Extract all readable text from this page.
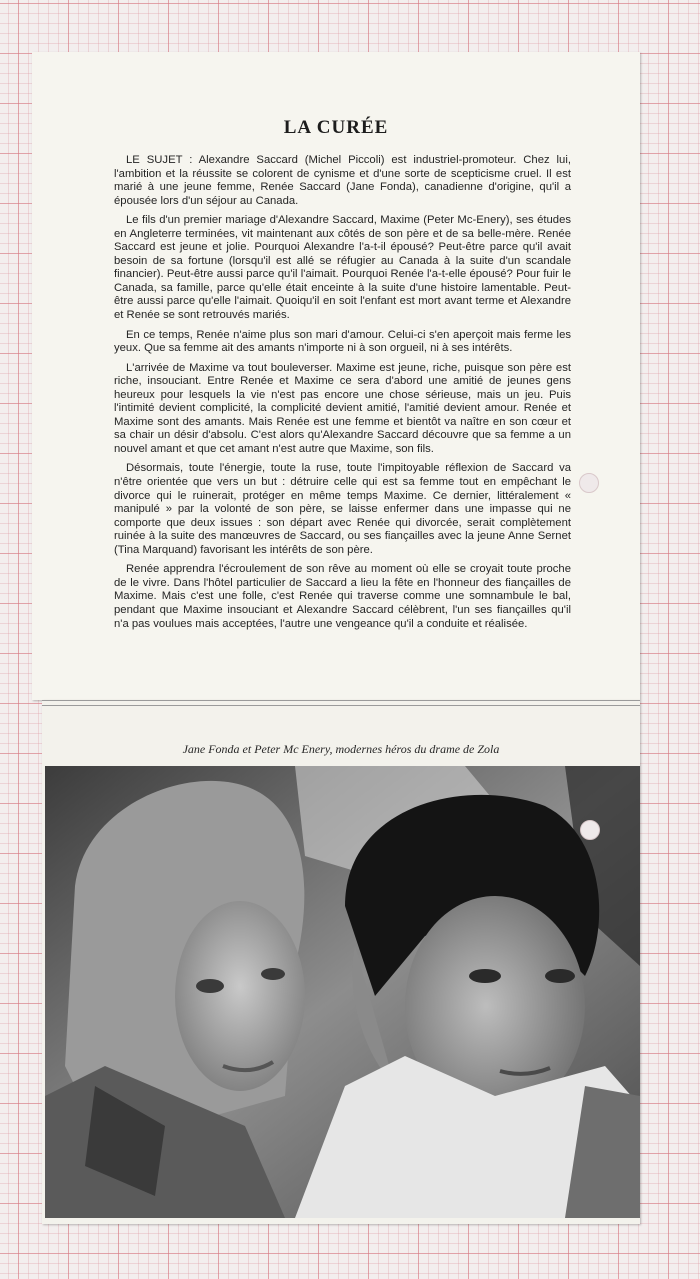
LA CURÉE

LE SUJET : Alexandre Saccard (Michel Piccoli) est industriel-promoteur. Chez lui, l'ambition et la réussite se colorent de cynisme et d'une sorte de scepticisme cruel. Il est marié à une jeune femme, Renée Saccard (Jane Fonda), canadienne d'origine, qu'il a épousée lors d'un séjour au Canada.

Le fils d'un premier mariage d'Alexandre Saccard, Maxime (Peter Mc-Enery), ses études en Angleterre terminées, vit maintenant aux côtés de son père et de sa belle-mère. Renée Saccard est jeune et jolie. Pourquoi Alexandre l'a-t-il épousé? Peut-être parce qu'il avait besoin de sa fortune (lorsqu'il est allé se réfugier au Canada à la suite d'un scandale financier). Peut-être aussi parce qu'il l'aimait. Pourquoi Renée l'a-t-elle épousé? Pour fuir le Canada, sa famille, parce qu'elle était enceinte à la suite d'une histoire lamentable. Peut-être aussi parce qu'elle l'aimait. Quoiqu'il en soit l'enfant est mort avant terme et Alexandre et Renée se sont retrouvés mariés.

En ce temps, Renée n'aime plus son mari d'amour. Celui-ci s'en aperçoit mais ferme les yeux. Que sa femme ait des amants n'importe ni à son orgueil, ni à ses intérêts.

L'arrivée de Maxime va tout bouleverser. Maxime est jeune, riche, puisque son père est riche, insouciant. Entre Renée et Maxime ce sera d'abord une amitié de jeunes gens heureux pour lesquels la vie n'est pas encore une chose sérieuse, mais un jeu. Puis l'intimité devient complicité, la complicité devient amitié, l'amitié devient amour. Renée et Maxime sont des amants. Mais Renée est une femme et bientôt va naître en son cœur et sa chair un désir d'absolu. C'est alors qu'Alexandre Saccard découvre que sa femme a un nouvel amant et que cet amant n'est autre que Maxime, son fils.

Désormais, toute l'énergie, toute la ruse, toute l'impitoyable réflexion de Saccard va n'être orientée que vers un but : détruire celle qui est sa femme tout en empêchant le divorce qui le ruinerait, protéger en même temps Maxime. Ce dernier, littéralement « manipulé » par la volonté de son père, se laisse enfermer dans une impasse qui ne comporte que deux issues : son départ avec Renée qui divorcée, serait complètement ruinée à la suite des manœuvres de Saccard, ou ses fiançailles avec la jeune Anne Sernet (Tina Marquand) favorisant les intérêts de son père.

Renée apprendra l'écroulement de son rêve au moment où elle se croyait toute proche de le vivre. Dans l'hôtel particulier de Saccard a lieu la fête en l'honneur des fiançailles de Maxime. Mais c'est une folle, c'est Renée qui traverse comme une somnambule le bal, pendant que Maxime insouciant et Alexandre Saccard célèbrent, l'un ses fiançailles qu'il n'a pas voulues mais acceptées, l'autre une vengeance qu'il a conduite et réalisée.

Jane Fonda et Peter Mc Enery, modernes héros du drame de Zola
